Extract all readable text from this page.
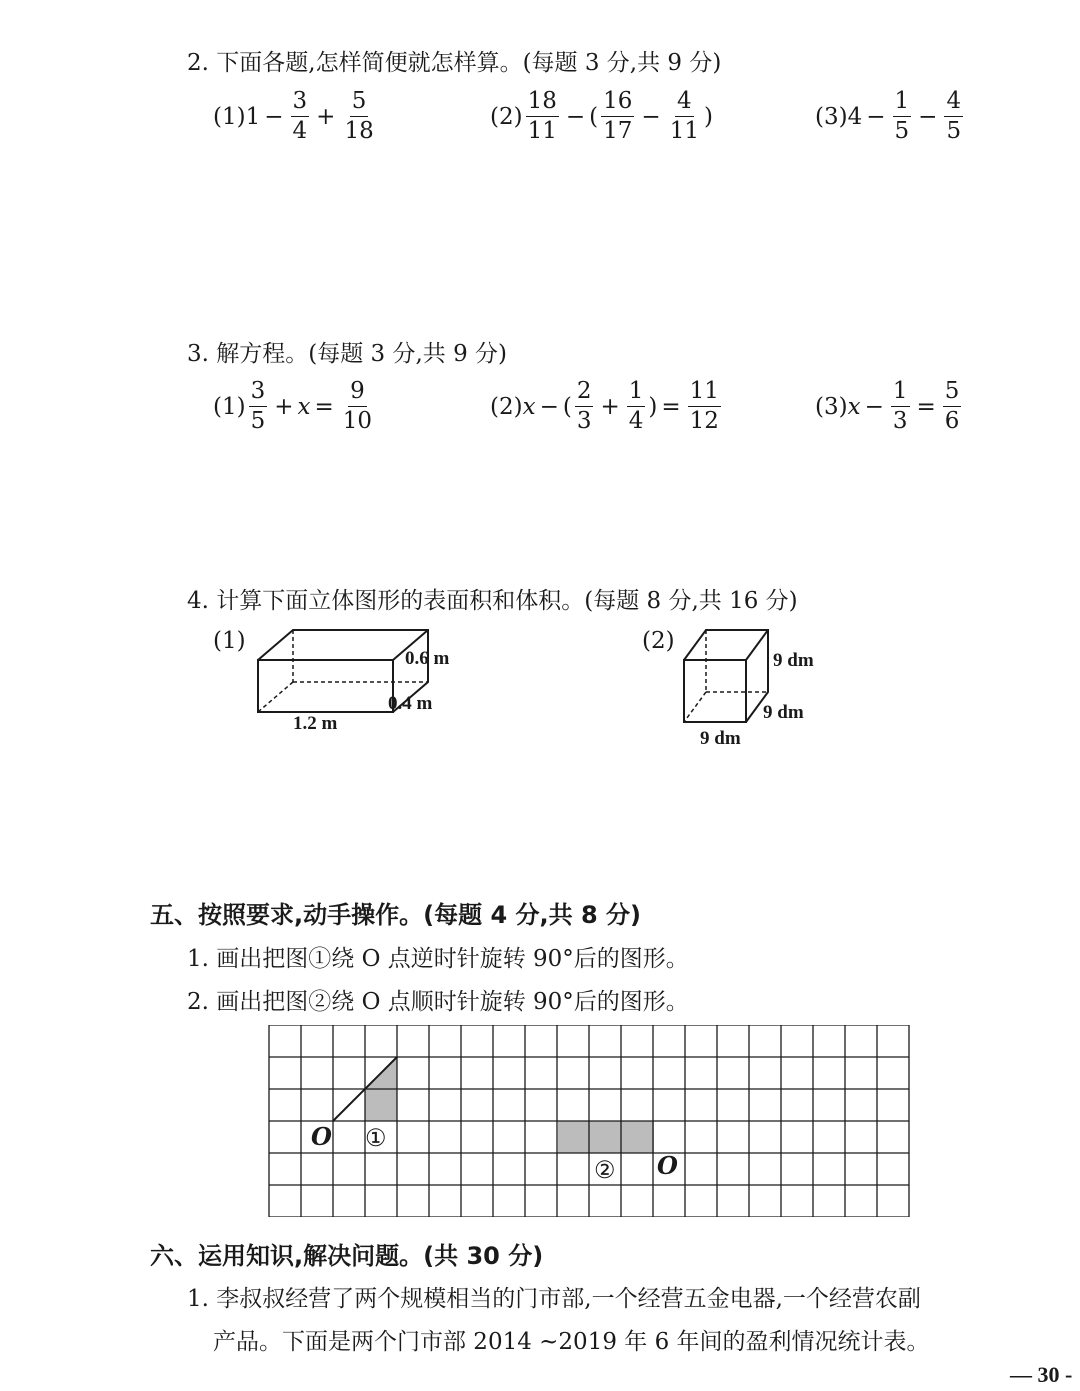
2. 下面各题,怎样简便就怎样算。(每题 3 分,共 9 分)
(1) $1 - \frac{3}{4} + \frac{5}{18}$	$(2) \frac{18}{11}$ − ( $\frac{16}{17} - \frac{4}{11}$ )	(3) $4 - \frac{1}{5} - \frac{4}{5}$
3. 解方程。(每题 3 分,共 9 分)
$(1) \frac{3}{5} + x = \frac{9}{10}$	(2) x − ( $\frac{2}{3} + \frac{1}{4}$ ) = $\frac{11}{12}$	(3) $x - \frac{1}{3} = \frac{5}{6}$
4. 计算下面立体图形的表面积和体积。(每题 8 分,共 16 分)
(1)
0.6 m
0.4 m
1.2 m
(2)
9 dm
9 dm
9 dm
五、按照要求,动手操作。(每题 4 分,共 8 分)
1. 画出把图①绕 O 点逆时针旋转 90°后的图形。
2. 画出把图②绕 O 点顺时针旋转 90°后的图形。
O ①
② O
六、运用知识,解决问题。(共 30 分)
1. 李叔叔经营了两个规模相当的门市部,一个经营五金电器,一个经营农副
产品。下面是两个门市部 2014 ~2019 年 6 年间的盈利情况统计表。
— 30 -
